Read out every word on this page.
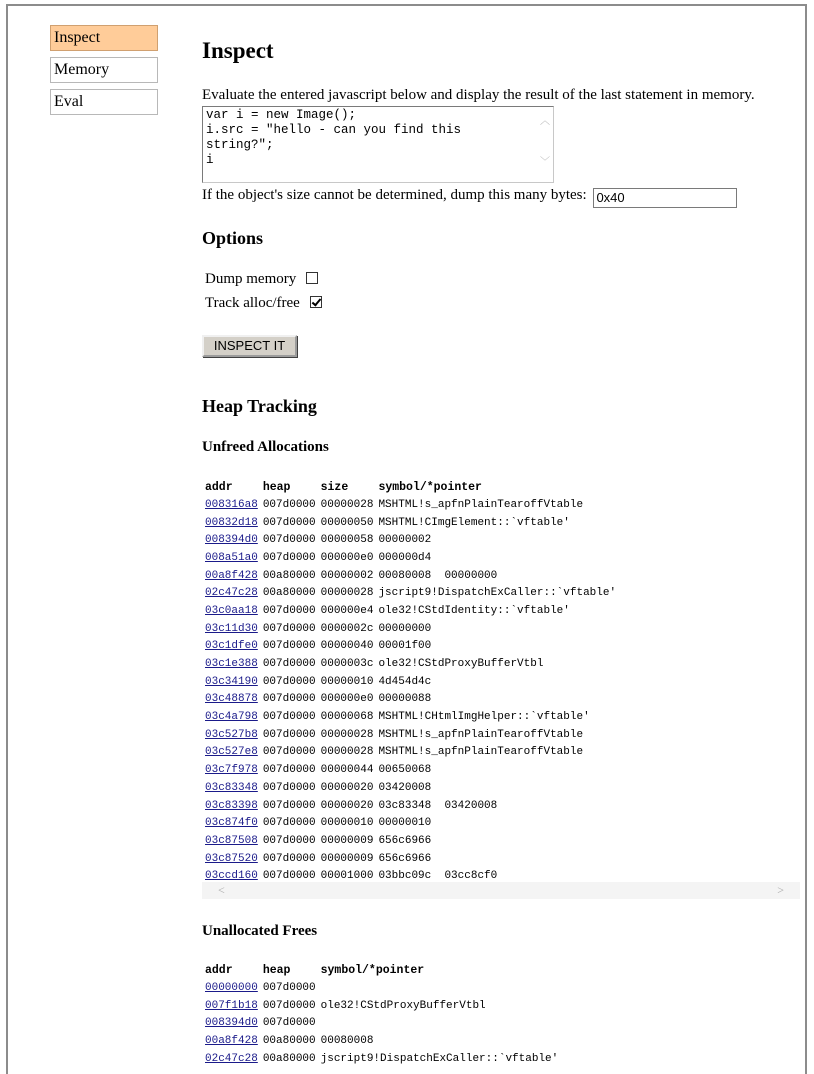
Inspect
Memory
Eval
Inspect
Evaluate the entered javascript below and display the result of the last statement in memory.
var i = new Image();
i.src = "hello - can you find this string?";
i
︿
﹀
If the object's size cannot be determined, dump this many bytes: 0x40
Options
Dump memory
Track alloc/free
INSPECT IT
Heap Tracking
Unfreed Allocations
addr	heap	size	symbol/*pointer
008316a8	007d0000	00000028	MSHTML!s_apfnPlainTearoffVtable
00832d18	007d0000	00000050	MSHTML!CImgElement::`vftable'
008394d0	007d0000	00000058	00000002
008a51a0	007d0000	000000e0	000000d4
00a8f428	00a80000	00000002	00080008  00000000
02c47c28	00a80000	00000028	jscript9!DispatchExCaller::`vftable'
03c0aa18	007d0000	000000e4	ole32!CStdIdentity::`vftable'
03c11d30	007d0000	0000002c	00000000
03c1dfe0	007d0000	00000040	00001f00
03c1e388	007d0000	0000003c	ole32!CStdProxyBufferVtbl
03c34190	007d0000	00000010	4d454d4c
03c48878	007d0000	000000e0	00000088
03c4a798	007d0000	00000068	MSHTML!CHtmlImgHelper::`vftable'
03c527b8	007d0000	00000028	MSHTML!s_apfnPlainTearoffVtable
03c527e8	007d0000	00000028	MSHTML!s_apfnPlainTearoffVtable
03c7f978	007d0000	00000044	00650068
03c83348	007d0000	00000020	03420008
03c83398	007d0000	00000020	03c83348  03420008
03c874f0	007d0000	00000010	00000010
03c87508	007d0000	00000009	656c6966
03c87520	007d0000	00000009	656c6966
03ccd160	007d0000	00001000	03bbc09c  03cc8cf0
<	>
Unallocated Frees
addr	heap	symbol/*pointer
00000000	007d0000	
007f1b18	007d0000	ole32!CStdProxyBufferVtbl
008394d0	007d0000	
00a8f428	00a80000	00080008
02c47c28	00a80000	jscript9!DispatchExCaller::`vftable'
